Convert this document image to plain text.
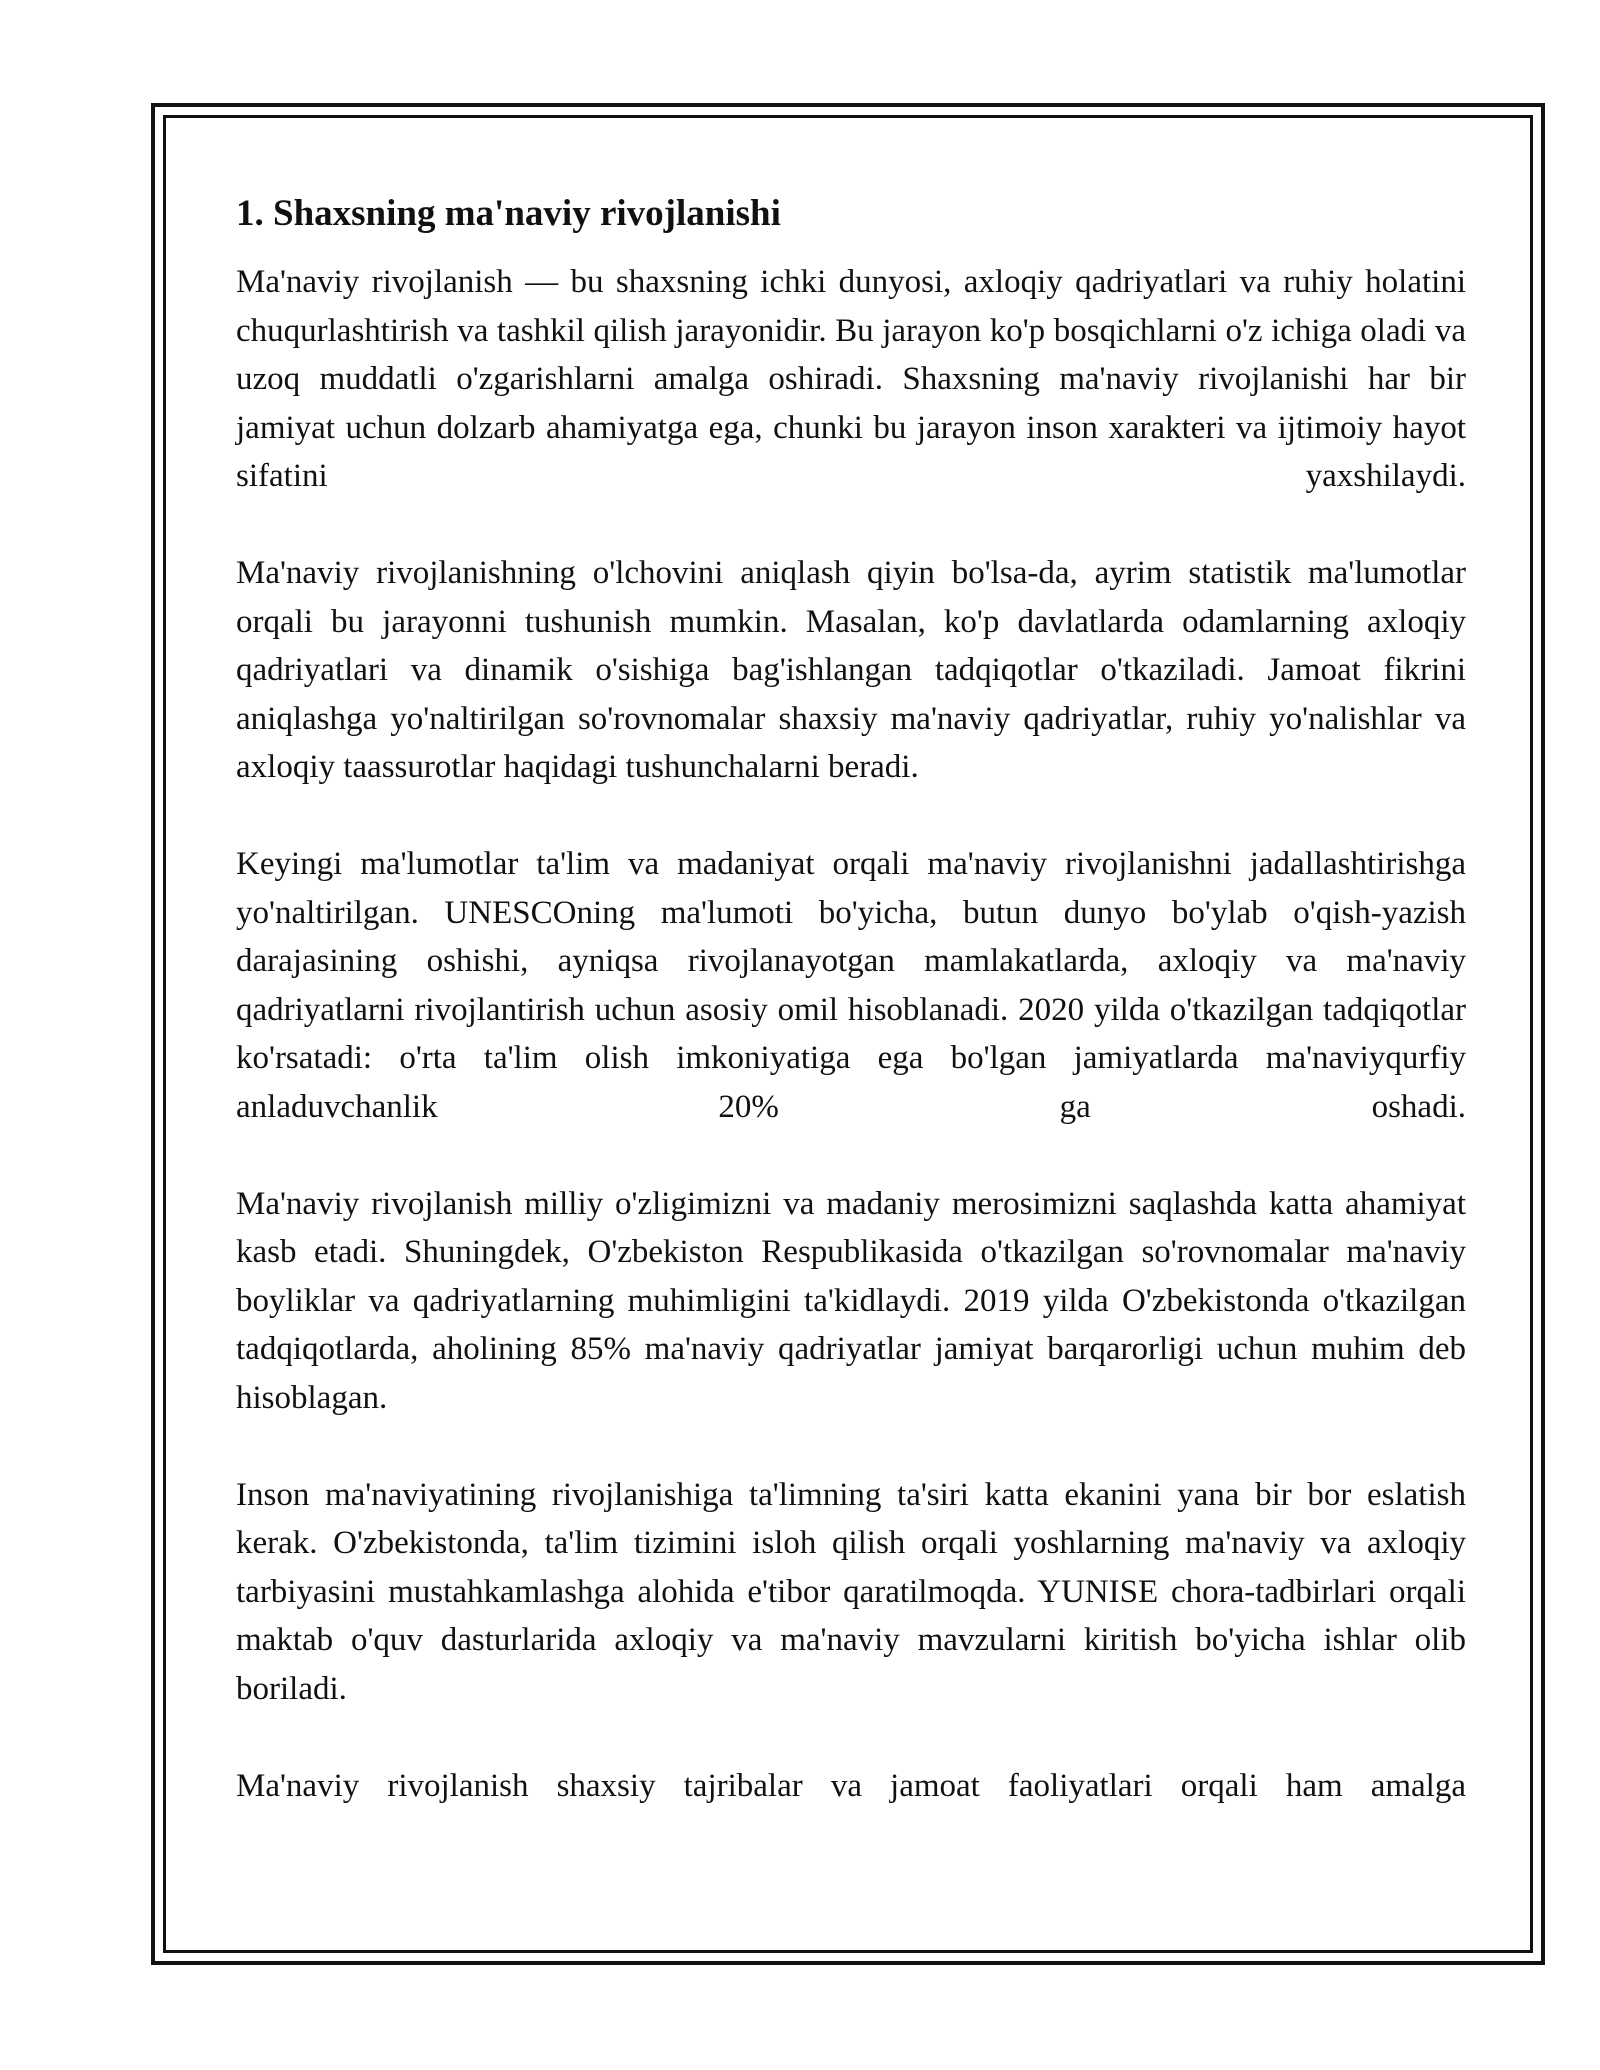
1. Shaxsning ma'naviy rivojlanishi

Ma'naviy rivojlanish — bu shaxsning ichki dunyosi, axloqiy qadriyatlari va ruhiy holatini chuqurlashtirish va tashkil qilish jarayonidir. Bu jarayon ko'p bosqichlarni o'z ichiga oladi va uzoq muddatli o'zgarishlarni amalga oshiradi. Shaxsning ma'naviy rivojlanishi har bir jamiyat uchun dolzarb ahamiyatga ega, chunki bu jarayon inson xarakteri va ijtimoiy hayot sifatini yaxshilaydi.

Ma'naviy rivojlanishning o'lchovini aniqlash qiyin bo'lsa-da, ayrim statistik ma'lumotlar orqali bu jarayonni tushunish mumkin. Masalan, ko'p davlatlarda odamlarning axloqiy qadriyatlari va dinamik o'sishiga bag'ishlangan tadqiqotlar o'tkaziladi. Jamoat fikrini aniqlashga yo'naltirilgan so'rovnomalar shaxsiy ma'naviy qadriyatlar, ruhiy yo'nalishlar va axloqiy taassurotlar haqidagi tushunchalarni beradi.

Keyingi ma'lumotlar ta'lim va madaniyat orqali ma'naviy rivojlanishni jadallashtirishga yo'naltirilgan. UNESCOning ma'lumoti bo'yicha, butun dunyo bo'ylab o'qish-yazish darajasining oshishi, ayniqsa rivojlanayotgan mamlakatlarda, axloqiy va ma'naviy qadriyatlarni rivojlantirish uchun asosiy omil hisoblanadi. 2020 yilda o'tkazilgan tadqiqotlar ko'rsatadi: o'rta ta'lim olish imkoniyatiga ega bo'lgan jamiyatlarda ma'naviyqurfiy anladuvchanlik 20% ga oshadi.

Ma'naviy rivojlanish milliy o'zligimizni va madaniy merosimizni saqlashda katta ahamiyat kasb etadi. Shuningdek, O'zbekiston Respublikasida o'tkazilgan so'rovnomalar ma'naviy boyliklar va qadriyatlarning muhimligini ta'kidlaydi. 2019 yilda O'zbekistonda o'tkazilgan tadqiqotlarda, aholining 85% ma'naviy qadriyatlar jamiyat barqarorligi uchun muhim deb hisoblagan.

Inson ma'naviyatining rivojlanishiga ta'limning ta'siri katta ekanini yana bir bor eslatish kerak. O'zbekistonda, ta'lim tizimini isloh qilish orqali yoshlarning ma'naviy va axloqiy tarbiyasini mustahkamlashga alohida e'tibor qaratilmoqda. YUNISE chora-tadbirlari orqali maktab o'quv dasturlarida axloqiy va ma'naviy mavzularni kiritish bo'yicha ishlar olib boriladi.

Ma'naviy rivojlanish shaxsiy tajribalar va jamoat faoliyatlari orqali ham amalga
